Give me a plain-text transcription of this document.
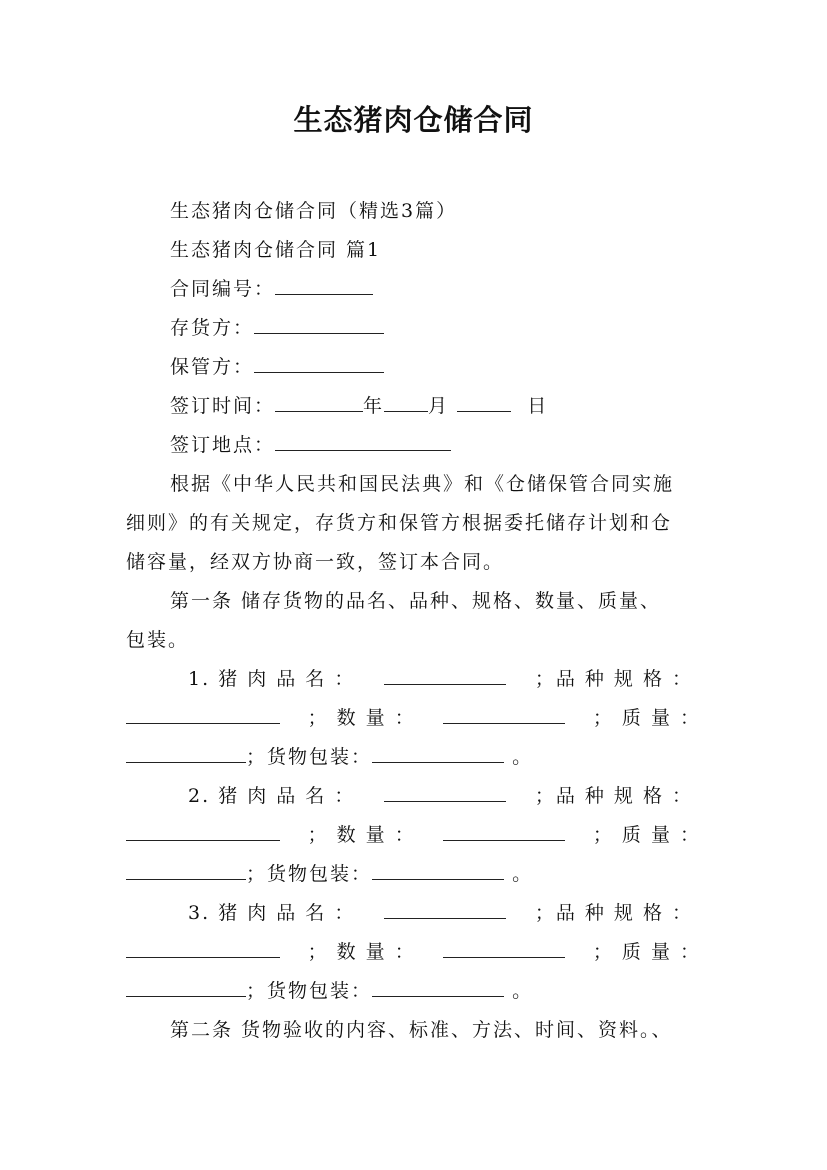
生态猪肉仓储合同
生态猪肉仓储合同（精选3篇）
生态猪肉仓储合同 篇1
合同编号：
存货方：
保管方：
签订时间：	年 月	日
签订地点：
根据《中华人民共和国民法典》和《仓储保管合同实施
细则》的有关规定，存货方和保管方根据委托储存计划和仓
储容量，经双方协商一致，签订本合同。
第一条 储存货物的品名、品种、规格、数量、质量、
包装。
1. 猪 肉 品 名 ：	；品 种 规 格 ：
； 数 量 ：	； 质 量 ：
；货物包装：	。
2. 猪 肉 品 名 ：	；品 种 规 格 ：
； 数 量 ：	； 质 量 ：
；货物包装：	。
3. 猪 肉 品 名 ：	；品 种 规 格 ：
； 数 量 ：	； 质 量 ：
；货物包装：	。
第二条 货物验收的内容、标准、方法、时间、资料。、
